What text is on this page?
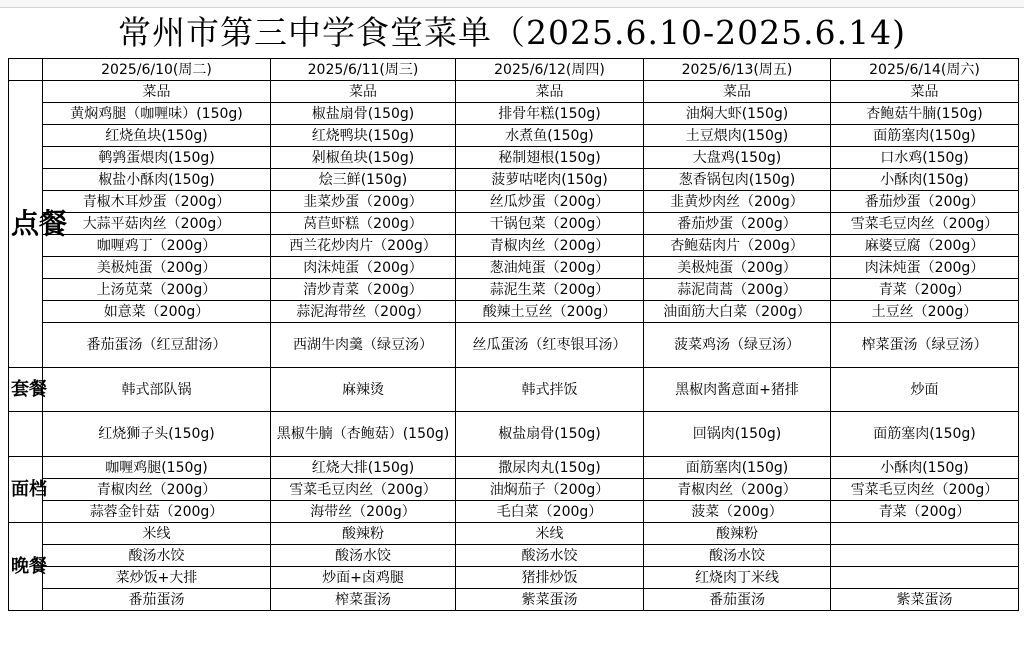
常州市第三中学食堂菜单（2025.6.10-2025.6.14)
	2025/6/10(周二)	2025/6/11(周三)	2025/6/12(周四)	2025/6/13(周五)	2025/6/14(周六)
点餐	菜品	菜品	菜品	菜品	菜品
	黄焖鸡腿（咖喱味）(150g)	椒盐扇骨(150g)	排骨年糕(150g)	油焖大虾(150g)	杏鲍菇牛腩(150g)
	红烧鱼块(150g)	红烧鸭块(150g)	水煮鱼(150g)	土豆煨肉(150g)	面筋塞肉(150g)
	鹌鹑蛋煨肉(150g)	剁椒鱼块(150g)	秘制翅根(150g)	大盘鸡(150g)	口水鸡(150g)
	椒盐小酥肉(150g)	烩三鲜(150g)	菠萝咕咾肉(150g)	葱香锅包肉(150g)	小酥肉(150g)
	青椒木耳炒蛋（200g）	韭菜炒蛋（200g）	丝瓜炒蛋（200g）	韭黄炒肉丝（200g）	番茄炒蛋（200g）
	大蒜平菇肉丝（200g）	莴苣虾糕（200g）	干锅包菜（200g）	番茄炒蛋（200g）	雪菜毛豆肉丝（200g）
	咖喱鸡丁（200g）	西兰花炒肉片（200g）	青椒肉丝（200g）	杏鲍菇肉片（200g）	麻婆豆腐（200g）
	美极炖蛋（200g）	肉沫炖蛋（200g）	葱油炖蛋（200g）	美极炖蛋（200g）	肉沫炖蛋（200g）
	上汤苋菜（200g）	清炒青菜（200g）	蒜泥生菜（200g）	蒜泥茼蒿（200g）	青菜（200g）
	如意菜（200g）	蒜泥海带丝（200g）	酸辣土豆丝（200g）	油面筋大白菜（200g）	土豆丝（200g）
	番茄蛋汤（红豆甜汤）	西湖牛肉羹（绿豆汤）	丝瓜蛋汤（红枣银耳汤）	菠菜鸡汤（绿豆汤）	榨菜蛋汤（绿豆汤）
套餐	韩式部队锅	麻辣烫	韩式拌饭	黑椒肉酱意面+猪排	炒面
	红烧狮子头(150g)	黑椒牛腩（杏鲍菇）(150g)	椒盐扇骨(150g)	回锅肉(150g)	面筋塞肉(150g)
面档	咖喱鸡腿(150g)	红烧大排(150g)	撒尿肉丸(150g)	面筋塞肉(150g)	小酥肉(150g)
	青椒肉丝（200g）	雪菜毛豆肉丝（200g）	油焖茄子（200g）	青椒肉丝（200g）	雪菜毛豆肉丝（200g）
	蒜蓉金针菇（200g）	海带丝（200g）	毛白菜（200g）	菠菜（200g）	青菜（200g）
晚餐	米线	酸辣粉	米线	酸辣粉	
	酸汤水饺	酸汤水饺	酸汤水饺	酸汤水饺	
	菜炒饭+大排	炒面+卤鸡腿	猪排炒饭	红烧肉丁米线	
	番茄蛋汤	榨菜蛋汤	紫菜蛋汤	番茄蛋汤	紫菜蛋汤
